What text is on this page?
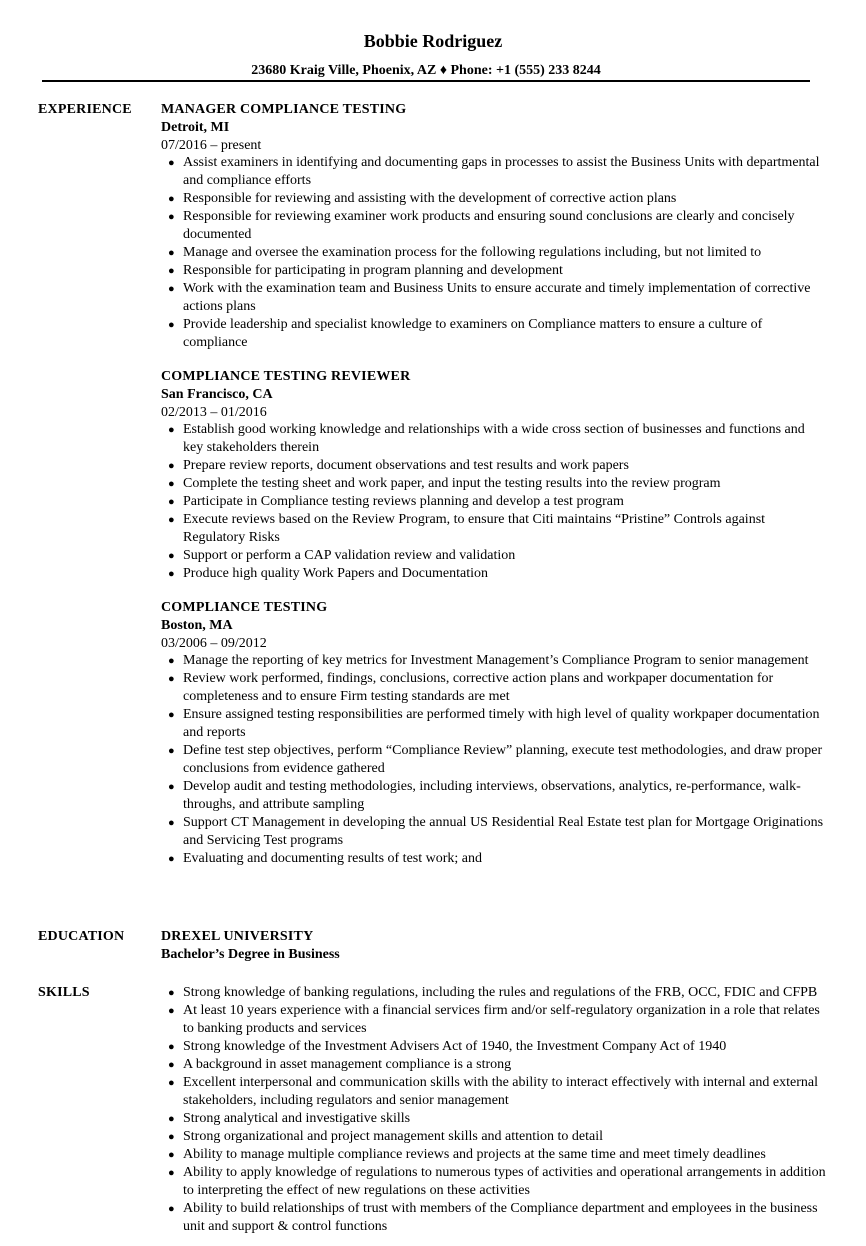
Bobbie Rodriguez
23680 Kraig Ville, Phoenix, AZ ♦ Phone: +1 (555) 233 8244
EXPERIENCE MANAGER COMPLIANCE TESTING
Detroit, MI
07/2016 – present
● Assist examiners in identifying and documenting gaps in processes to assist the Business Units with departmental and compliance efforts
● Responsible for reviewing and assisting with the development of corrective action plans
● Responsible for reviewing examiner work products and ensuring sound conclusions are clearly and concisely documented
● Manage and oversee the examination process for the following regulations including, but not limited to
● Responsible for participating in program planning and development
● Work with the examination team and Business Units to ensure accurate and timely implementation of corrective actions plans
● Provide leadership and specialist knowledge to examiners on Compliance matters to ensure a culture of compliance
COMPLIANCE TESTING REVIEWER
San Francisco, CA
02/2013 – 01/2016
● Establish good working knowledge and relationships with a wide cross section of businesses and functions and key stakeholders therein
● Prepare review reports, document observations and test results and work papers
● Complete the testing sheet and work paper, and input the testing results into the review program
● Participate in Compliance testing reviews planning and develop a test program
● Execute reviews based on the Review Program, to ensure that Citi maintains “Pristine” Controls against Regulatory Risks
● Support or perform a CAP validation review and validation
● Produce high quality Work Papers and Documentation
COMPLIANCE TESTING
Boston, MA
03/2006 – 09/2012
● Manage the reporting of key metrics for Investment Management’s Compliance Program to senior management
● Review work performed, findings, conclusions, corrective action plans and workpaper documentation for completeness and to ensure Firm testing standards are met
● Ensure assigned testing responsibilities are performed timely with high level of quality workpaper documentation and reports
● Define test step objectives, perform “Compliance Review” planning, execute test methodologies, and draw proper conclusions from evidence gathered
● Develop audit and testing methodologies, including interviews, observations, analytics, re-performance, walk-throughs, and attribute sampling
● Support CT Management in developing the annual US Residential Real Estate test plan for Mortgage Originations and Servicing Test programs
● Evaluating and documenting results of test work; and
EDUCATION	DREXEL UNIVERSITY
Bachelor’s Degree in Business
SKILLS	● Strong knowledge of banking regulations, including the rules and regulations of the FRB, OCC, FDIC and CFPB
● At least 10 years experience with a financial services firm and/or self-regulatory organization in a role that relates to banking products and services
● Strong knowledge of the Investment Advisers Act of 1940, the Investment Company Act of 1940
● A background in asset management compliance is a strong
● Excellent interpersonal and communication skills with the ability to interact effectively with internal and external stakeholders, including regulators and senior management
● Strong analytical and investigative skills
● Strong organizational and project management skills and attention to detail
● Ability to manage multiple compliance reviews and projects at the same time and meet timely deadlines
● Ability to apply knowledge of regulations to numerous types of activities and operational arrangements in addition to interpreting the effect of new regulations on these activities
● Ability to build relationships of trust with members of the Compliance department and employees in the business unit and support & control functions
